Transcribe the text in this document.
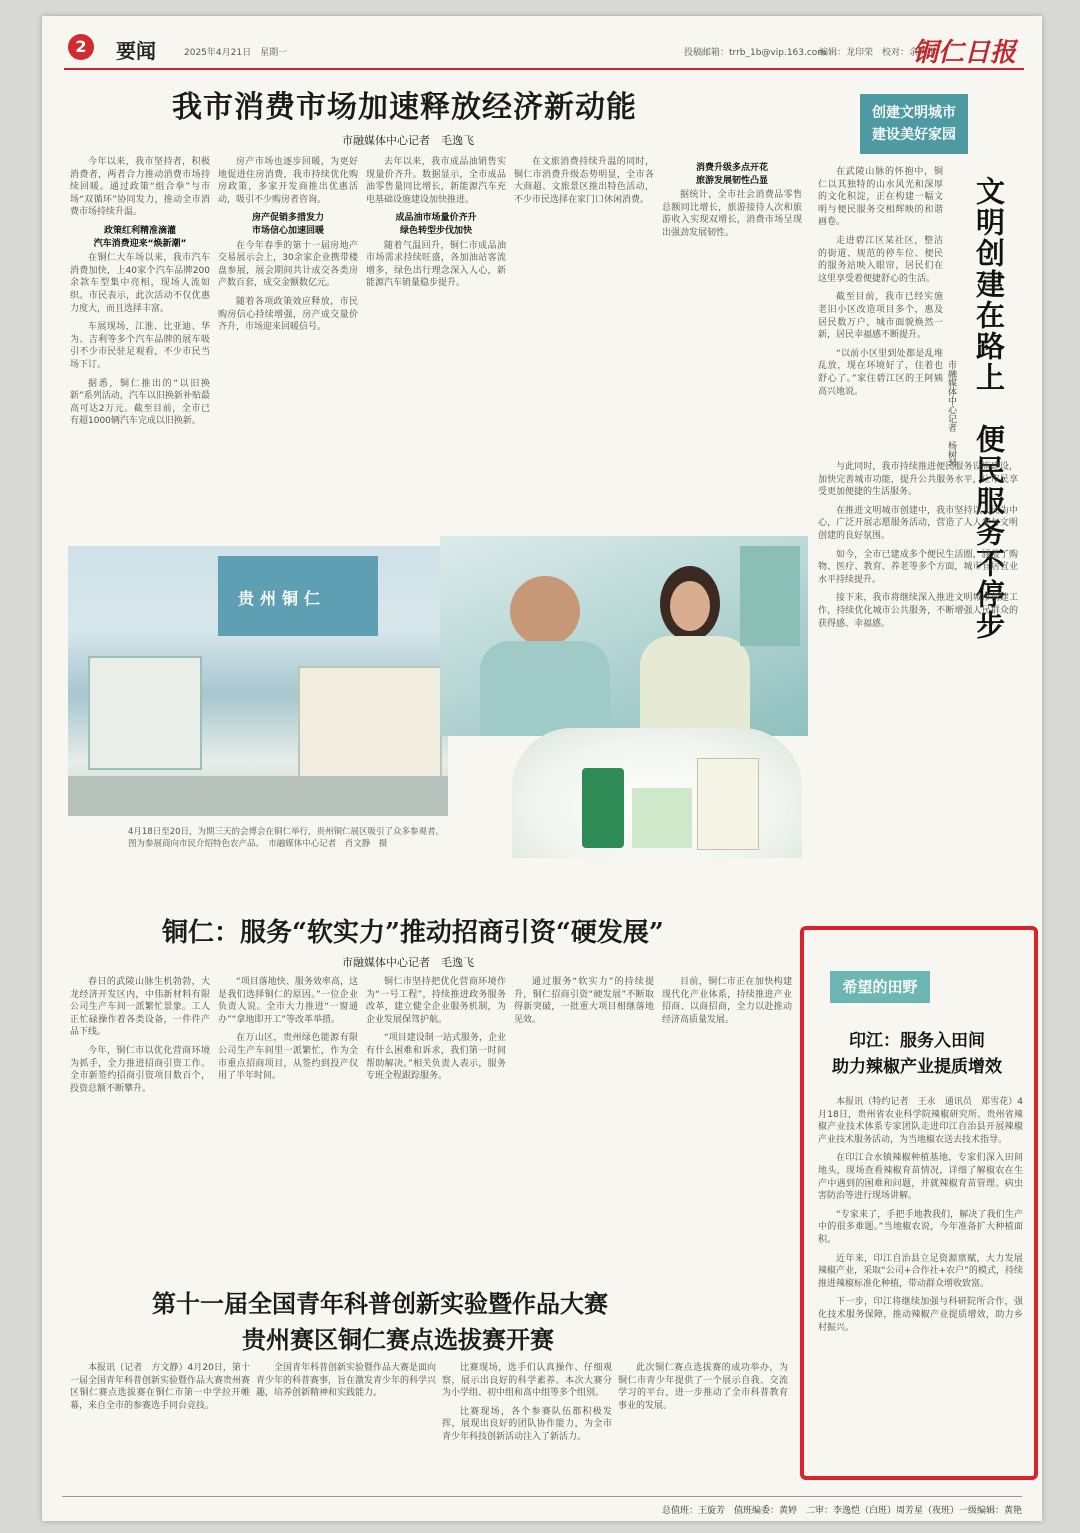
2	要闻	2025年4月21日　星期一	投稿邮箱：trrb_1b@vip.163.com
编辑：龙印荣　校对：余晓彤
铜仁日报
我市消费市场加速释放经济新动能
市融媒体中心记者　毛逸飞

今年以来，我市坚持者，积极消费者，两者合力推动消费市场持续回暖。通过政策“组合拳”与市场“双循环”协同发力，推动全市消费市场持续升温。

政策红利精准滴灌
汽车消费迎来“焕新潮”

在铜仁大车场以来，我市汽车消费加快，上40家个汽车品牌200余款车型集中亮相，现场人流如织。市民表示，此次活动不仅优惠力度大，而且选择丰富。

车展现场，江淮、比亚迪、华为、吉利等多个汽车品牌的展车吸引不少市民驻足观看，不少市民当场下订。

据悉，铜仁推出的“以旧换新”系列活动，汽车以旧换新补贴最高可达2万元。截至目前，全市已有超1000辆汽车完成以旧换新。

房产市场也逐步回暖，为更好地促进住房消费，我市持续优化购房政策，多家开发商推出优惠活动，吸引不少购房者咨询。

房产促销多措发力
市场信心加速回暖

在今年春季的第十一届房地产交易展示会上，30余家企业携带楼盘参展，展会期间共计成交各类房产数百套，成交金额数亿元。

随着各项政策效应释放，市民购房信心持续增强，房产成交量价齐升，市场迎来回暖信号。

去年以来，我市成品油销售实现量价齐升。数据显示，全市成品油零售量同比增长，新能源汽车充电基础设施建设加快推进。

成品油市场量价齐升
绿色转型步伐加快

随着气温回升，铜仁市成品油市场需求持续旺盛，各加油站客流增多，绿色出行理念深入人心，新能源汽车销量稳步提升。

在文旅消费持续升温的同时，铜仁市消费升级态势明显，全市各大商超、文旅景区推出特色活动，不少市民选择在家门口休闲消费。

消费升级多点开花
旅游发展韧性凸显

据统计，全市社会消费品零售总额同比增长，旅游接待人次和旅游收入实现双增长，消费市场呈现出强劲发展韧性。

贵州铜仁
4月18日至20日，为期三天的会博会在铜仁举行，贵州铜仁展区吸引了众多参观者。图为参展商向市民介绍特色农产品。　市融媒体中心记者　肖文静　摄
铜仁：服务“软实力”推动招商引资“硬发展”
市融媒体中心记者　毛逸飞

春日的武陵山脉生机勃勃，大龙经济开发区内，中伟新材料有限公司生产车间一派繁忙景象。工人正忙碌操作着各类设备，一件件产品下线。

今年，铜仁市以优化营商环境为抓手，全力推进招商引资工作。全市新签约招商引资项目数百个，投资总额不断攀升。

“项目落地快、服务效率高，这是我们选择铜仁的原因。”一位企业负责人说。全市大力推进“一窗通办”“拿地即开工”等改革举措。

在万山区，贵州绿色能源有限公司生产车间里一派繁忙，作为全市重点招商项目，从签约到投产仅用了半年时间。

铜仁市坚持把优化营商环境作为“一号工程”，持续推进政务服务改革，建立健全企业服务机制，为企业发展保驾护航。

“项目建设制一站式服务，企业有什么困难和诉求，我们第一时间帮助解决。”相关负责人表示，服务专班全程跟踪服务。

通过服务“软实力”的持续提升，铜仁招商引资“硬发展”不断取得新突破，一批重大项目相继落地见效。

目前，铜仁市正在加快构建现代化产业体系，持续推进产业招商、以商招商，全力以赴推动经济高质量发展。

第十一届全国青年科普创新实验暨作品大赛
贵州赛区铜仁赛点选拔赛开赛

本报讯（记者　方文静）4月20日，第十一届全国青年科普创新实验暨作品大赛贵州赛区铜仁赛点选拔赛在铜仁市第一中学拉开帷幕，来自全市的参赛选手同台竞技。

全国青年科普创新实验暨作品大赛是面向青少年的科普赛事，旨在激发青少年的科学兴趣，培养创新精神和实践能力。

比赛现场，选手们认真操作、仔细观察，展示出良好的科学素养。本次大赛分为小学组、初中组和高中组等多个组别。

比赛现场，各个参赛队伍都积极发挥，展现出良好的团队协作能力，为全市青少年科技创新活动注入了新活力。

此次铜仁赛点选拔赛的成功举办，为铜仁市青少年提供了一个展示自我、交流学习的平台，进一步推动了全市科普教育事业的发展。

创建文明城市
建设美好家园
文明创建在路上　便民服务不停步
市融媒体中心记者　杨树琴

在武陵山脉的怀抱中，铜仁以其独特的山水风光和深厚的文化积淀，正在构建一幅文明与便民服务交相辉映的和谐画卷。

走进碧江区某社区，整洁的街道、规范的停车位、便民的服务站映入眼帘，居民们在这里享受着便捷舒心的生活。

截至目前，我市已经实施老旧小区改造项目多个，惠及居民数万户，城市面貌焕然一新，居民幸福感不断提升。

“以前小区里到处都是乱堆乱放，现在环境好了，住着也舒心了。”家住碧江区的王阿姨高兴地说。

与此同时，我市持续推进便民服务设施建设，加快完善城市功能，提升公共服务水平，让市民享受更加便捷的生活服务。

在推进文明城市创建中，我市坚持以人民为中心，广泛开展志愿服务活动，营造了人人参与文明创建的良好氛围。

如今，全市已建成多个便民生活圈，涵盖了购物、医疗、教育、养老等多个方面，城市宜居宜业水平持续提升。

接下来，我市将继续深入推进文明城市创建工作，持续优化城市公共服务，不断增强人民群众的获得感、幸福感。

希望的田野
印江：服务入田间
助力辣椒产业提质增效

本报讯（特约记者　王永　通讯员　郑雪花）4月18日，贵州省农业科学院辣椒研究所、贵州省辣椒产业技术体系专家团队走进印江自治县开展辣椒产业技术服务活动，为当地椒农送去技术指导。

在印江合水镇辣椒种植基地，专家们深入田间地头，现场查看辣椒育苗情况，详细了解椒农在生产中遇到的困难和问题，并就辣椒育苗管理、病虫害防治等进行现场讲解。

“专家来了，手把手地教我们，解决了我们生产中的很多难题。”当地椒农说，今年准备扩大种植面积。

近年来，印江自治县立足资源禀赋，大力发展辣椒产业，采取“公司+合作社+农户”的模式，持续推进辣椒标准化种植，带动群众增收致富。

下一步，印江将继续加强与科研院所合作，强化技术服务保障，推动辣椒产业提质增效，助力乡村振兴。

总值班：王旋芳　值班编委：黄婷　二审：李逸恺（白班）周芳星（夜班）一级编辑：黄艳
